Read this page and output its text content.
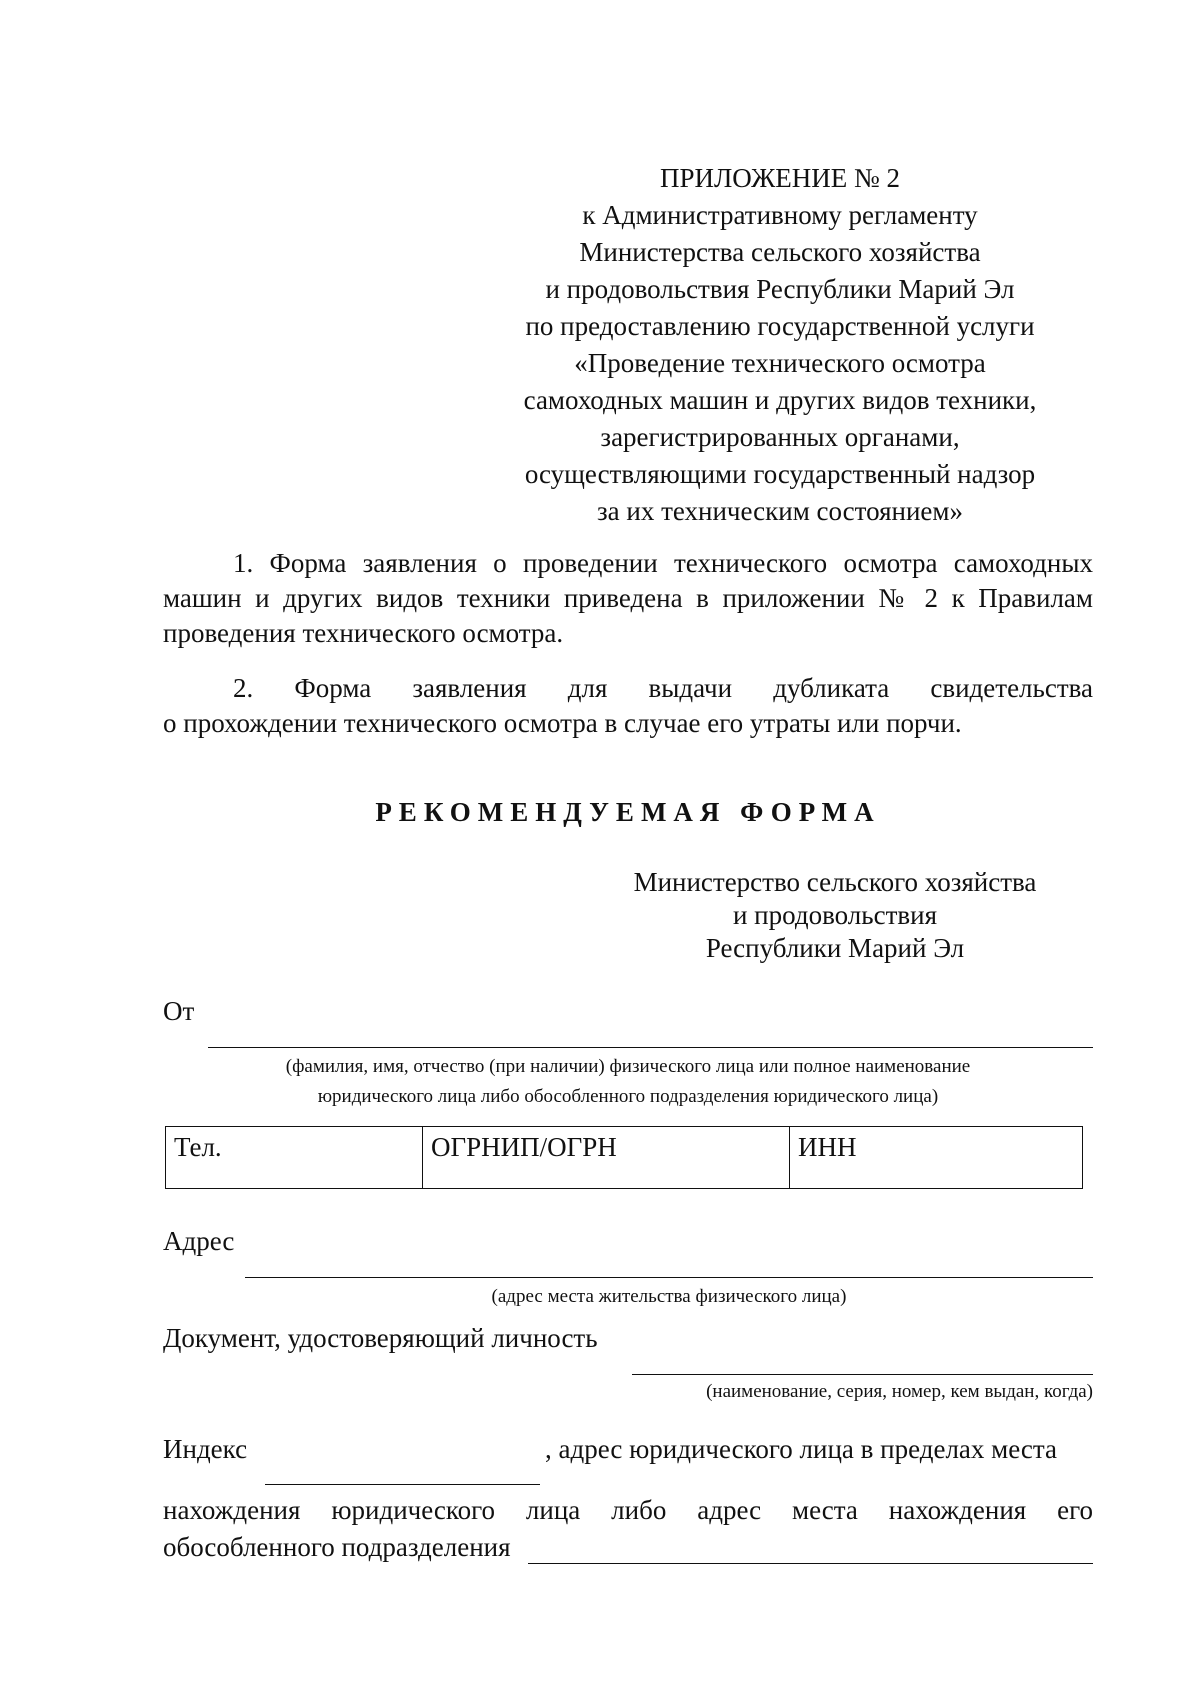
ПРИЛОЖЕНИЕ № 2
к Административному регламенту
Министерства сельского хозяйства
и продовольствия Республики Марий Эл
по предоставлению государственной услуги
«Проведение технического осмотра
самоходных машин и других видов техники,
зарегистрированных органами,
осуществляющими государственный надзор
за их техническим состоянием»
1. Форма заявления о проведении технического осмотра самоходных
машин и других видов техники приведена в приложении № 2 к Правилам
проведения технического осмотра.
2. Форма заявления для выдачи дубликата свидетельства
о прохождении технического осмотра в случае его утраты или порчи.
РЕКОМЕНДУЕМАЯ ФОРМА
Министерство сельского хозяйства
и продовольствия
Республики Марий Эл
От
(фамилия, имя, отчество (при наличии) физического лица или полное наименование
юридического лица либо обособленного подразделения юридического лица)
Тел.	ОГРНИП/ОГРН	ИНН
Адрес
(адрес места жительства физического лица)
Документ, удостоверяющий личность
(наименование, серия, номер, кем выдан, когда)
Индекс	, адрес юридического лица в пределах места
нахождения юридического лица либо адрес места нахождения его
обособленного подразделения
